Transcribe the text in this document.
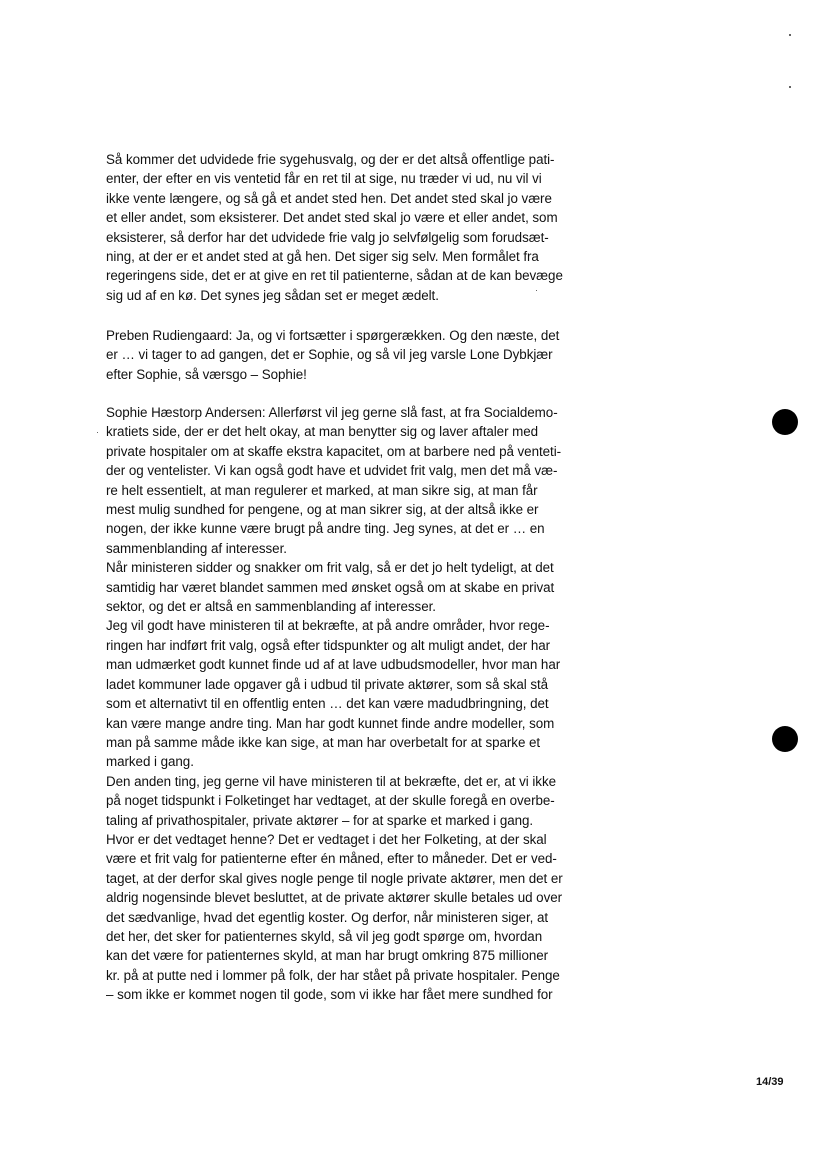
Så kommer det udvidede frie sygehusvalg, og der er det altså offentlige pati-
enter, der efter en vis ventetid får en ret til at sige, nu træder vi ud, nu vil vi
ikke vente længere, og så gå et andet sted hen. Det andet sted skal jo være
et eller andet, som eksisterer. Det andet sted skal jo være et eller andet, som
eksisterer, så derfor har det udvidede frie valg jo selvfølgelig som forudsæt-
ning, at der er et andet sted at gå hen. Det siger sig selv. Men formålet fra
regeringens side, det er at give en ret til patienterne, sådan at de kan bevæge
sig ud af en kø. Det synes jeg sådan set er meget ædelt.
Preben Rudiengaard: Ja, og vi fortsætter i spørgerækken. Og den næste, det
er … vi tager to ad gangen, det er Sophie, og så vil jeg varsle Lone Dybkjær
efter Sophie, så værsgo – Sophie!
Sophie Hæstorp Andersen: Allerførst vil jeg gerne slå fast, at fra Socialdemo-
kratiets side, der er det helt okay, at man benytter sig og laver aftaler med
private hospitaler om at skaffe ekstra kapacitet, om at barbere ned på venteti-
der og ventelister. Vi kan også godt have et udvidet frit valg, men det må væ-
re helt essentielt, at man regulerer et marked, at man sikre sig, at man får
mest mulig sundhed for pengene, og at man sikrer sig, at der altså ikke er
nogen, der ikke kunne være brugt på andre ting. Jeg synes, at det er … en
sammenblanding af interesser.
Når ministeren sidder og snakker om frit valg, så er det jo helt tydeligt, at det
samtidig har været blandet sammen med ønsket også om at skabe en privat
sektor, og det er altså en sammenblanding af interesser.
Jeg vil godt have ministeren til at bekræfte, at på andre områder, hvor rege-
ringen har indført frit valg, også efter tidspunkter og alt muligt andet, der har
man udmærket godt kunnet finde ud af at lave udbudsmodeller, hvor man har
ladet kommuner lade opgaver gå i udbud til private aktører, som så skal stå
som et alternativt til en offentlig enten … det kan være madudbringning, det
kan være mange andre ting. Man har godt kunnet finde andre modeller, som
man på samme måde ikke kan sige, at man har overbetalt for at sparke et
marked i gang.
Den anden ting, jeg gerne vil have ministeren til at bekræfte, det er, at vi ikke
på noget tidspunkt i Folketinget har vedtaget, at der skulle foregå en overbe-
taling af privathospitaler, private aktører – for at sparke et marked i gang.
Hvor er det vedtaget henne? Det er vedtaget i det her Folketing, at der skal
være et frit valg for patienterne efter én måned, efter to måneder. Det er ved-
taget, at der derfor skal gives nogle penge til nogle private aktører, men det er
aldrig nogensinde blevet besluttet, at de private aktører skulle betales ud over
det sædvanlige, hvad det egentlig koster. Og derfor, når ministeren siger, at
det her, det sker for patienternes skyld, så vil jeg godt spørge om, hvordan
kan det være for patienternes skyld, at man har brugt omkring 875 millioner
kr. på at putte ned i lommer på folk, der har stået på private hospitaler. Penge
– som ikke er kommet nogen til gode, som vi ikke har fået mere sundhed for
14/39
